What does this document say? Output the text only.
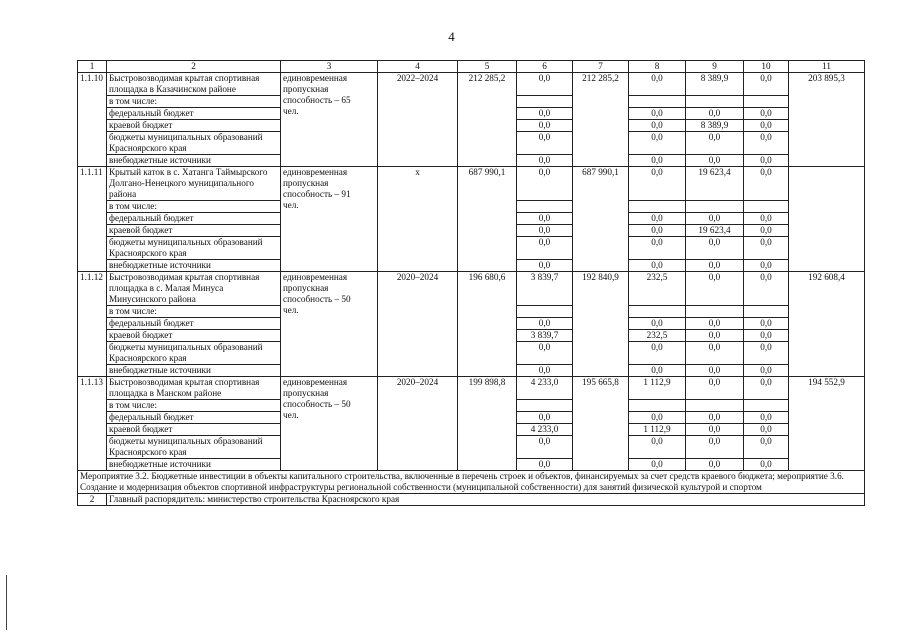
4
1	2	3	4	5	6	7	8	9	10	11
1.1.10	Быстровозводимая крытая спортивная площадка в Казачинском районе	единовременная
пропускная
способность – 65
чел.	2022–2024	212 285,2	0,0	212 285,2	0,0	8 389,9	0,0	203 895,3

	в том числе:									
	федеральный бюджет				0,0		0,0	0,0	0,0	
	краевой бюджет				0,0		0,0	8 389,9	0,0	
	бюджеты муниципальных образований Красноярского края				0,0		0,0	0,0	0,0	
	внебюджетные источники				0,0		0,0	0,0	0,0	
1.1.11	Крытый каток в с. Хатанга Таймырского Долгано-Ненецкого муниципального района	единовременная
пропускная
способность – 91
чел.	х	687 990,1	0,0	687 990,1	0,0	19 623,4	0,0	

	в том числе:									
	федеральный бюджет				0,0		0,0	0,0	0,0	
	краевой бюджет				0,0		0,0	19 623,4	0,0	
	бюджеты муниципальных образований Красноярского края				0,0		0,0	0,0	0,0	
	внебюджетные источники				0,0		0,0	0,0	0,0	
1.1.12	Быстровозводимая крытая спортивная площадка в с. Малая Минуса Минусинского района	единовременная
пропускная
способность – 50
чел.	2020–2024	196 680,6	3 839,7	192 840,9	232,5	0,0	0,0	192 608,4

	в том числе:									
	федеральный бюджет				0,0		0,0	0,0	0,0	
	краевой бюджет				3 839,7		232,5	0,0	0,0	
	бюджеты муниципальных образований Красноярского края				0,0		0,0	0,0	0,0	
	внебюджетные источники				0,0		0,0	0,0	0,0	
1.1.13	Быстровозводимая крытая спортивная площадка в Манском районе	единовременная
пропускная
способность – 50
чел.	2020–2024	199 898,8	4 233,0	195 665,8	1 112,9	0,0	0,0	194 552,9

	в том числе:									
	федеральный бюджет				0,0		0,0	0,0	0,0	
	краевой бюджет				4 233,0		1 112,9	0,0	0,0	
	бюджеты муниципальных образований Красноярского края				0,0		0,0	0,0	0,0	
	внебюджетные источники				0,0		0,0	0,0	0,0	
Мероприятие 3.2. Бюджетные инвестиции в объекты капитального строительства, включенные в перечень строек и объектов, финансируемых за счет средств краевого бюджета; мероприятие 3.6. Создание и модернизация объектов спортивной инфраструктуры региональной собственности (муниципальной собственности) для занятий физической культурой и спортом										
2	Главный распорядитель: министерство строительства Красноярского края									
